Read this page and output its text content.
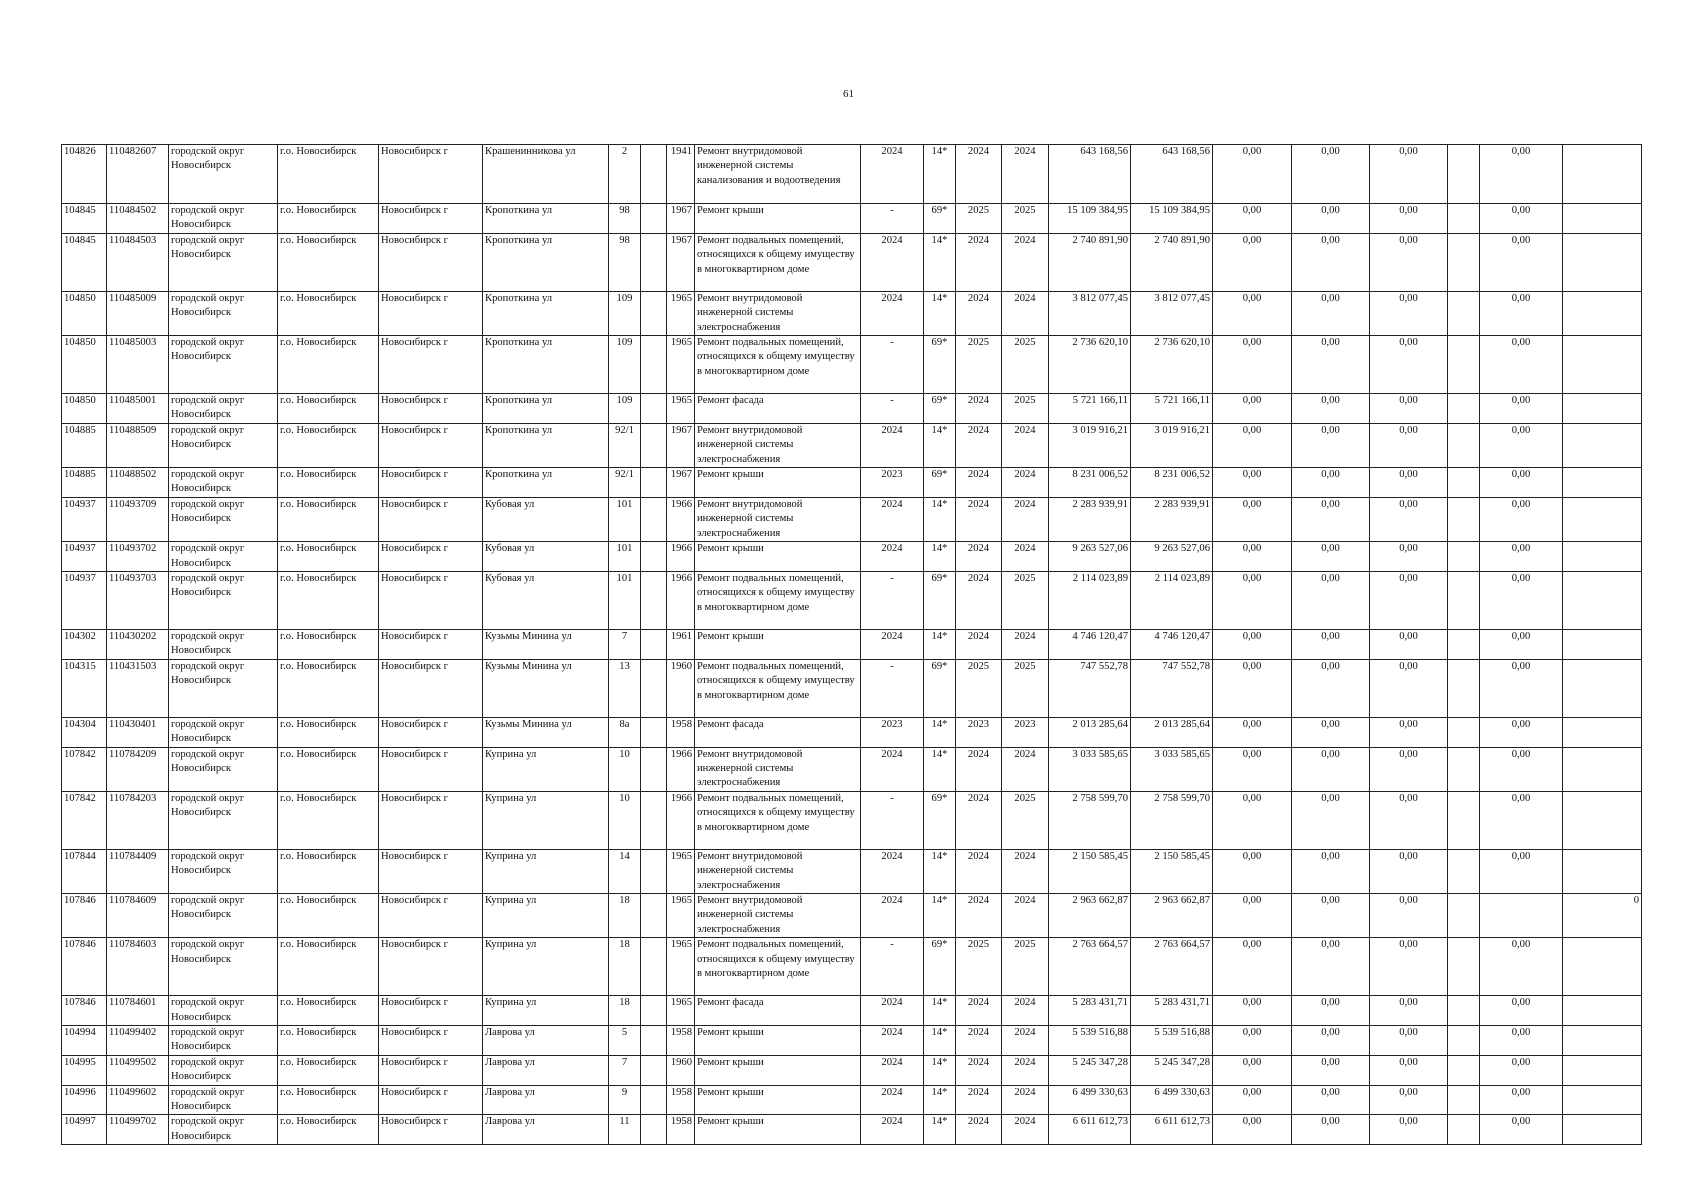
61
104826	110482607	городской округ Новосибирск	г.о. Новосибирск	Новосибирск г	Крашенинникова ул	2		1941	Ремонт внутридомовой инженерной системы канализования и водоотведения	2024	14*	2024	2024	643 168,56	643 168,56	0,00	0,00	0,00		0,00	
104845	110484502	городской округ Новосибирск	г.о. Новосибирск	Новосибирск г	Кропоткина ул	98		1967	Ремонт крыши	-	69*	2025	2025	15 109 384,95	15 109 384,95	0,00	0,00	0,00		0,00	
104845	110484503	городской округ Новосибирск	г.о. Новосибирск	Новосибирск г	Кропоткина ул	98		1967	Ремонт подвальных помещений, относящихся к общему имуществу в многоквартирном доме	2024	14*	2024	2024	2 740 891,90	2 740 891,90	0,00	0,00	0,00		0,00	
104850	110485009	городской округ Новосибирск	г.о. Новосибирск	Новосибирск г	Кропоткина ул	109		1965	Ремонт внутридомовой инженерной системы электроснабжения	2024	14*	2024	2024	3 812 077,45	3 812 077,45	0,00	0,00	0,00		0,00	
104850	110485003	городской округ Новосибирск	г.о. Новосибирск	Новосибирск г	Кропоткина ул	109		1965	Ремонт подвальных помещений, относящихся к общему имуществу в многоквартирном доме	-	69*	2025	2025	2 736 620,10	2 736 620,10	0,00	0,00	0,00		0,00	
104850	110485001	городской округ Новосибирск	г.о. Новосибирск	Новосибирск г	Кропоткина ул	109		1965	Ремонт фасада	-	69*	2024	2025	5 721 166,11	5 721 166,11	0,00	0,00	0,00		0,00	
104885	110488509	городской округ Новосибирск	г.о. Новосибирск	Новосибирск г	Кропоткина ул	92/1		1967	Ремонт внутридомовой инженерной системы электроснабжения	2024	14*	2024	2024	3 019 916,21	3 019 916,21	0,00	0,00	0,00		0,00	
104885	110488502	городской округ Новосибирск	г.о. Новосибирск	Новосибирск г	Кропоткина ул	92/1		1967	Ремонт крыши	2023	69*	2024	2024	8 231 006,52	8 231 006,52	0,00	0,00	0,00		0,00	
104937	110493709	городской округ Новосибирск	г.о. Новосибирск	Новосибирск г	Кубовая ул	101		1966	Ремонт внутридомовой инженерной системы электроснабжения	2024	14*	2024	2024	2 283 939,91	2 283 939,91	0,00	0,00	0,00		0,00	
104937	110493702	городской округ Новосибирск	г.о. Новосибирск	Новосибирск г	Кубовая ул	101		1966	Ремонт крыши	2024	14*	2024	2024	9 263 527,06	9 263 527,06	0,00	0,00	0,00		0,00	
104937	110493703	городской округ Новосибирск	г.о. Новосибирск	Новосибирск г	Кубовая ул	101		1966	Ремонт подвальных помещений, относящихся к общему имуществу в многоквартирном доме	-	69*	2024	2025	2 114 023,89	2 114 023,89	0,00	0,00	0,00		0,00	
104302	110430202	городской округ Новосибирск	г.о. Новосибирск	Новосибирск г	Кузьмы Минина ул	7		1961	Ремонт крыши	2024	14*	2024	2024	4 746 120,47	4 746 120,47	0,00	0,00	0,00		0,00	
104315	110431503	городской округ Новосибирск	г.о. Новосибирск	Новосибирск г	Кузьмы Минина ул	13		1960	Ремонт подвальных помещений, относящихся к общему имуществу в многоквартирном доме	-	69*	2025	2025	747 552,78	747 552,78	0,00	0,00	0,00		0,00	
104304	110430401	городской округ Новосибирск	г.о. Новосибирск	Новосибирск г	Кузьмы Минина ул	8а		1958	Ремонт фасада	2023	14*	2023	2023	2 013 285,64	2 013 285,64	0,00	0,00	0,00		0,00	
107842	110784209	городской округ Новосибирск	г.о. Новосибирск	Новосибирск г	Куприна ул	10		1966	Ремонт внутридомовой инженерной системы электроснабжения	2024	14*	2024	2024	3 033 585,65	3 033 585,65	0,00	0,00	0,00		0,00	
107842	110784203	городской округ Новосибирск	г.о. Новосибирск	Новосибирск г	Куприна ул	10		1966	Ремонт подвальных помещений, относящихся к общему имуществу в многоквартирном доме	-	69*	2024	2025	2 758 599,70	2 758 599,70	0,00	0,00	0,00		0,00	
107844	110784409	городской округ Новосибирск	г.о. Новосибирск	Новосибирск г	Куприна ул	14		1965	Ремонт внутридомовой инженерной системы электроснабжения	2024	14*	2024	2024	2 150 585,45	2 150 585,45	0,00	0,00	0,00		0,00	
107846	110784609	городской округ Новосибирск	г.о. Новосибирск	Новосибирск г	Куприна ул	18		1965	Ремонт внутридомовой инженерной системы электроснабжения	2024	14*	2024	2024	2 963 662,87	2 963 662,87	0,00	0,00	0,00			0
107846	110784603	городской округ Новосибирск	г.о. Новосибирск	Новосибирск г	Куприна ул	18		1965	Ремонт подвальных помещений, относящихся к общему имуществу в многоквартирном доме	-	69*	2025	2025	2 763 664,57	2 763 664,57	0,00	0,00	0,00		0,00	
107846	110784601	городской округ Новосибирск	г.о. Новосибирск	Новосибирск г	Куприна ул	18		1965	Ремонт фасада	2024	14*	2024	2024	5 283 431,71	5 283 431,71	0,00	0,00	0,00		0,00	
104994	110499402	городской округ Новосибирск	г.о. Новосибирск	Новосибирск г	Лаврова ул	5		1958	Ремонт крыши	2024	14*	2024	2024	5 539 516,88	5 539 516,88	0,00	0,00	0,00		0,00	
104995	110499502	городской округ Новосибирск	г.о. Новосибирск	Новосибирск г	Лаврова ул	7		1960	Ремонт крыши	2024	14*	2024	2024	5 245 347,28	5 245 347,28	0,00	0,00	0,00		0,00	
104996	110499602	городской округ Новосибирск	г.о. Новосибирск	Новосибирск г	Лаврова ул	9		1958	Ремонт крыши	2024	14*	2024	2024	6 499 330,63	6 499 330,63	0,00	0,00	0,00		0,00	
104997	110499702	городской округ Новосибирск	г.о. Новосибирск	Новосибирск г	Лаврова ул	11		1958	Ремонт крыши	2024	14*	2024	2024	6 611 612,73	6 611 612,73	0,00	0,00	0,00		0,00	
